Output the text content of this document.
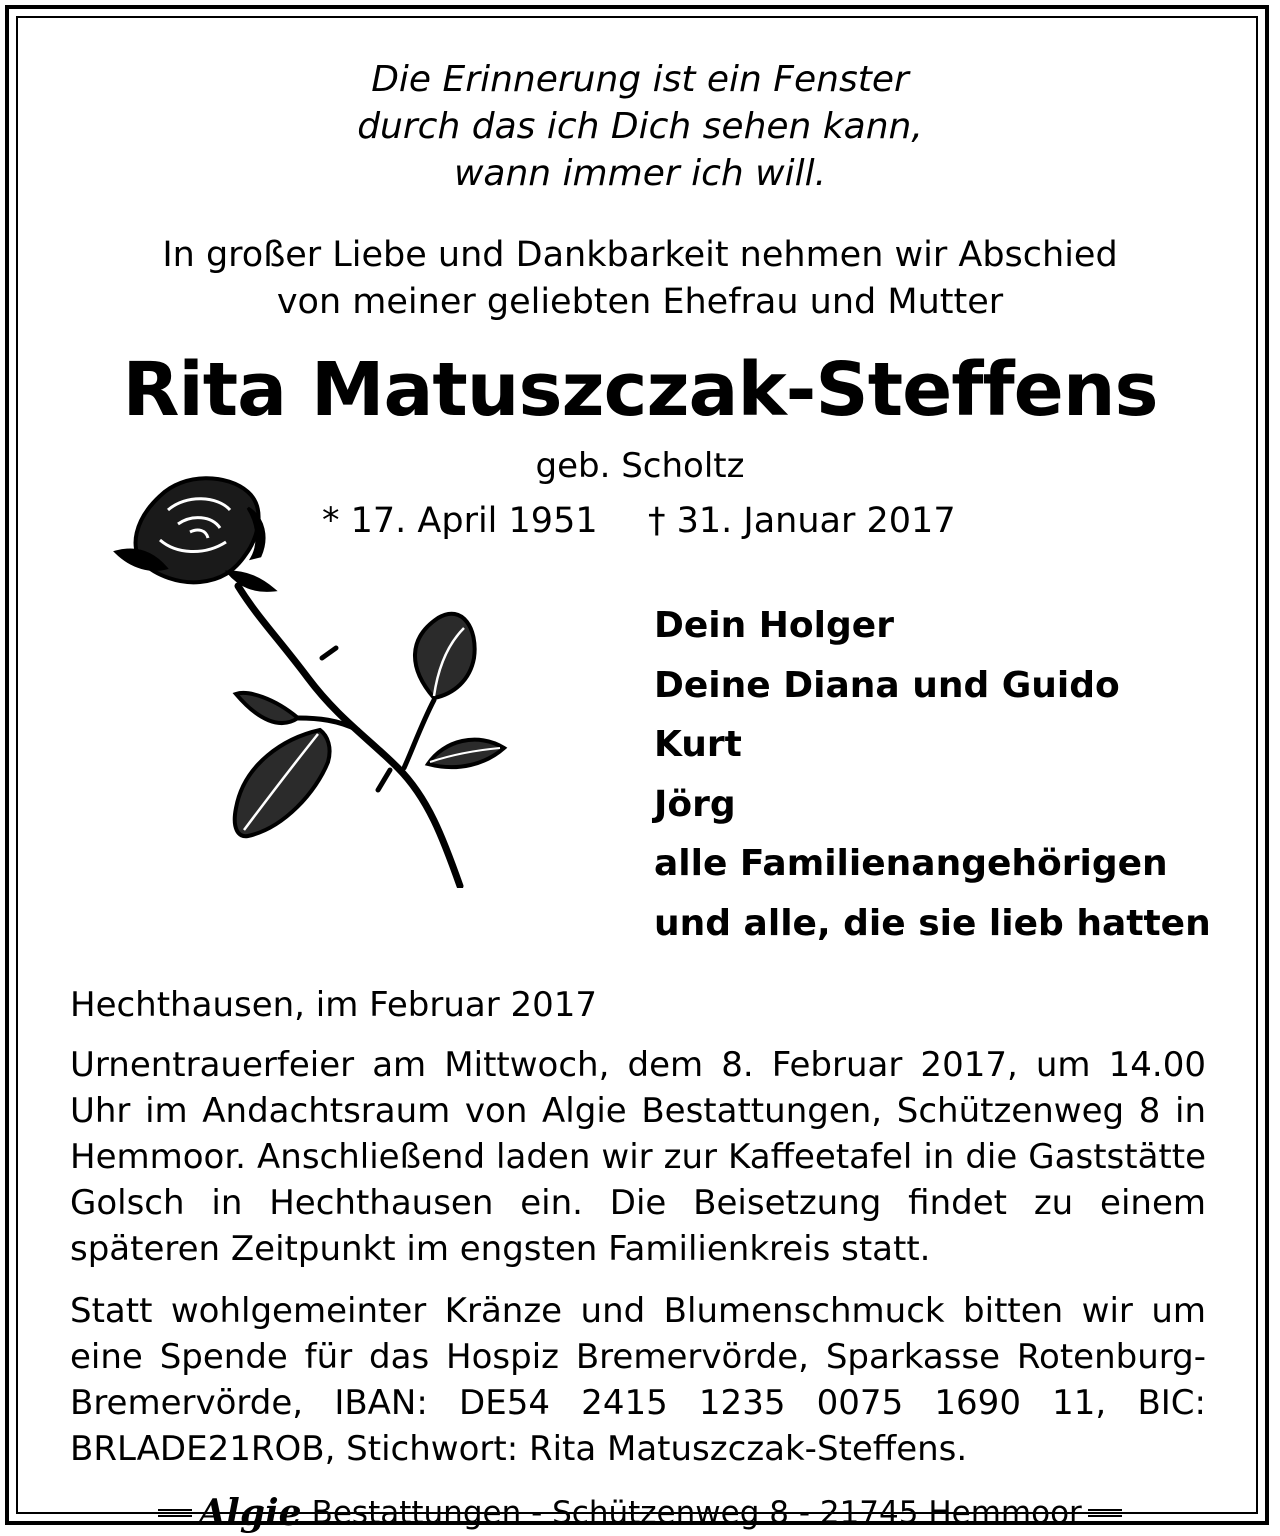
Die Erinnerung ist ein Fenster
durch das ich Dich sehen kann,
wann immer ich will.
In großer Liebe und Dankbarkeit nehmen wir Abschied
von meiner geliebten Ehefrau und Mutter
Rita Matuszczak-Steffens
geb. Scholtz
* 17. April 1951 † 31. Januar 2017
Dein Holger
Deine Diana und Guido
Kurt
Jörg
alle Familienangehörigen
und alle, die sie lieb hatten
Hechthausen, im Februar 2017
Urnentrauerfeier am Mittwoch, dem 8. Februar 2017, um 14.00 Uhr im Andachtsraum von Algie Bestattungen, Schützenweg 8 in Hemmoor. Anschließend laden wir zur Kaffeetafel in die Gaststätte Golsch in Hechthausen ein. Die Beisetzung findet zu einem späteren Zeitpunkt im engsten Familienkreis statt.
Statt wohlgemeinter Kränze und Blumenschmuck bitten wir um eine Spende für das Hospiz Bremervörde, Sparkasse Rotenburg-Bremervörde, IBAN: DE54 2415 1235 0075 1690 11, BIC: BRLADE21ROB, Stichwort: Rita Matuszczak-Steffens.
Algie Bestattungen - Schützenweg 8 - 21745 Hemmoor
